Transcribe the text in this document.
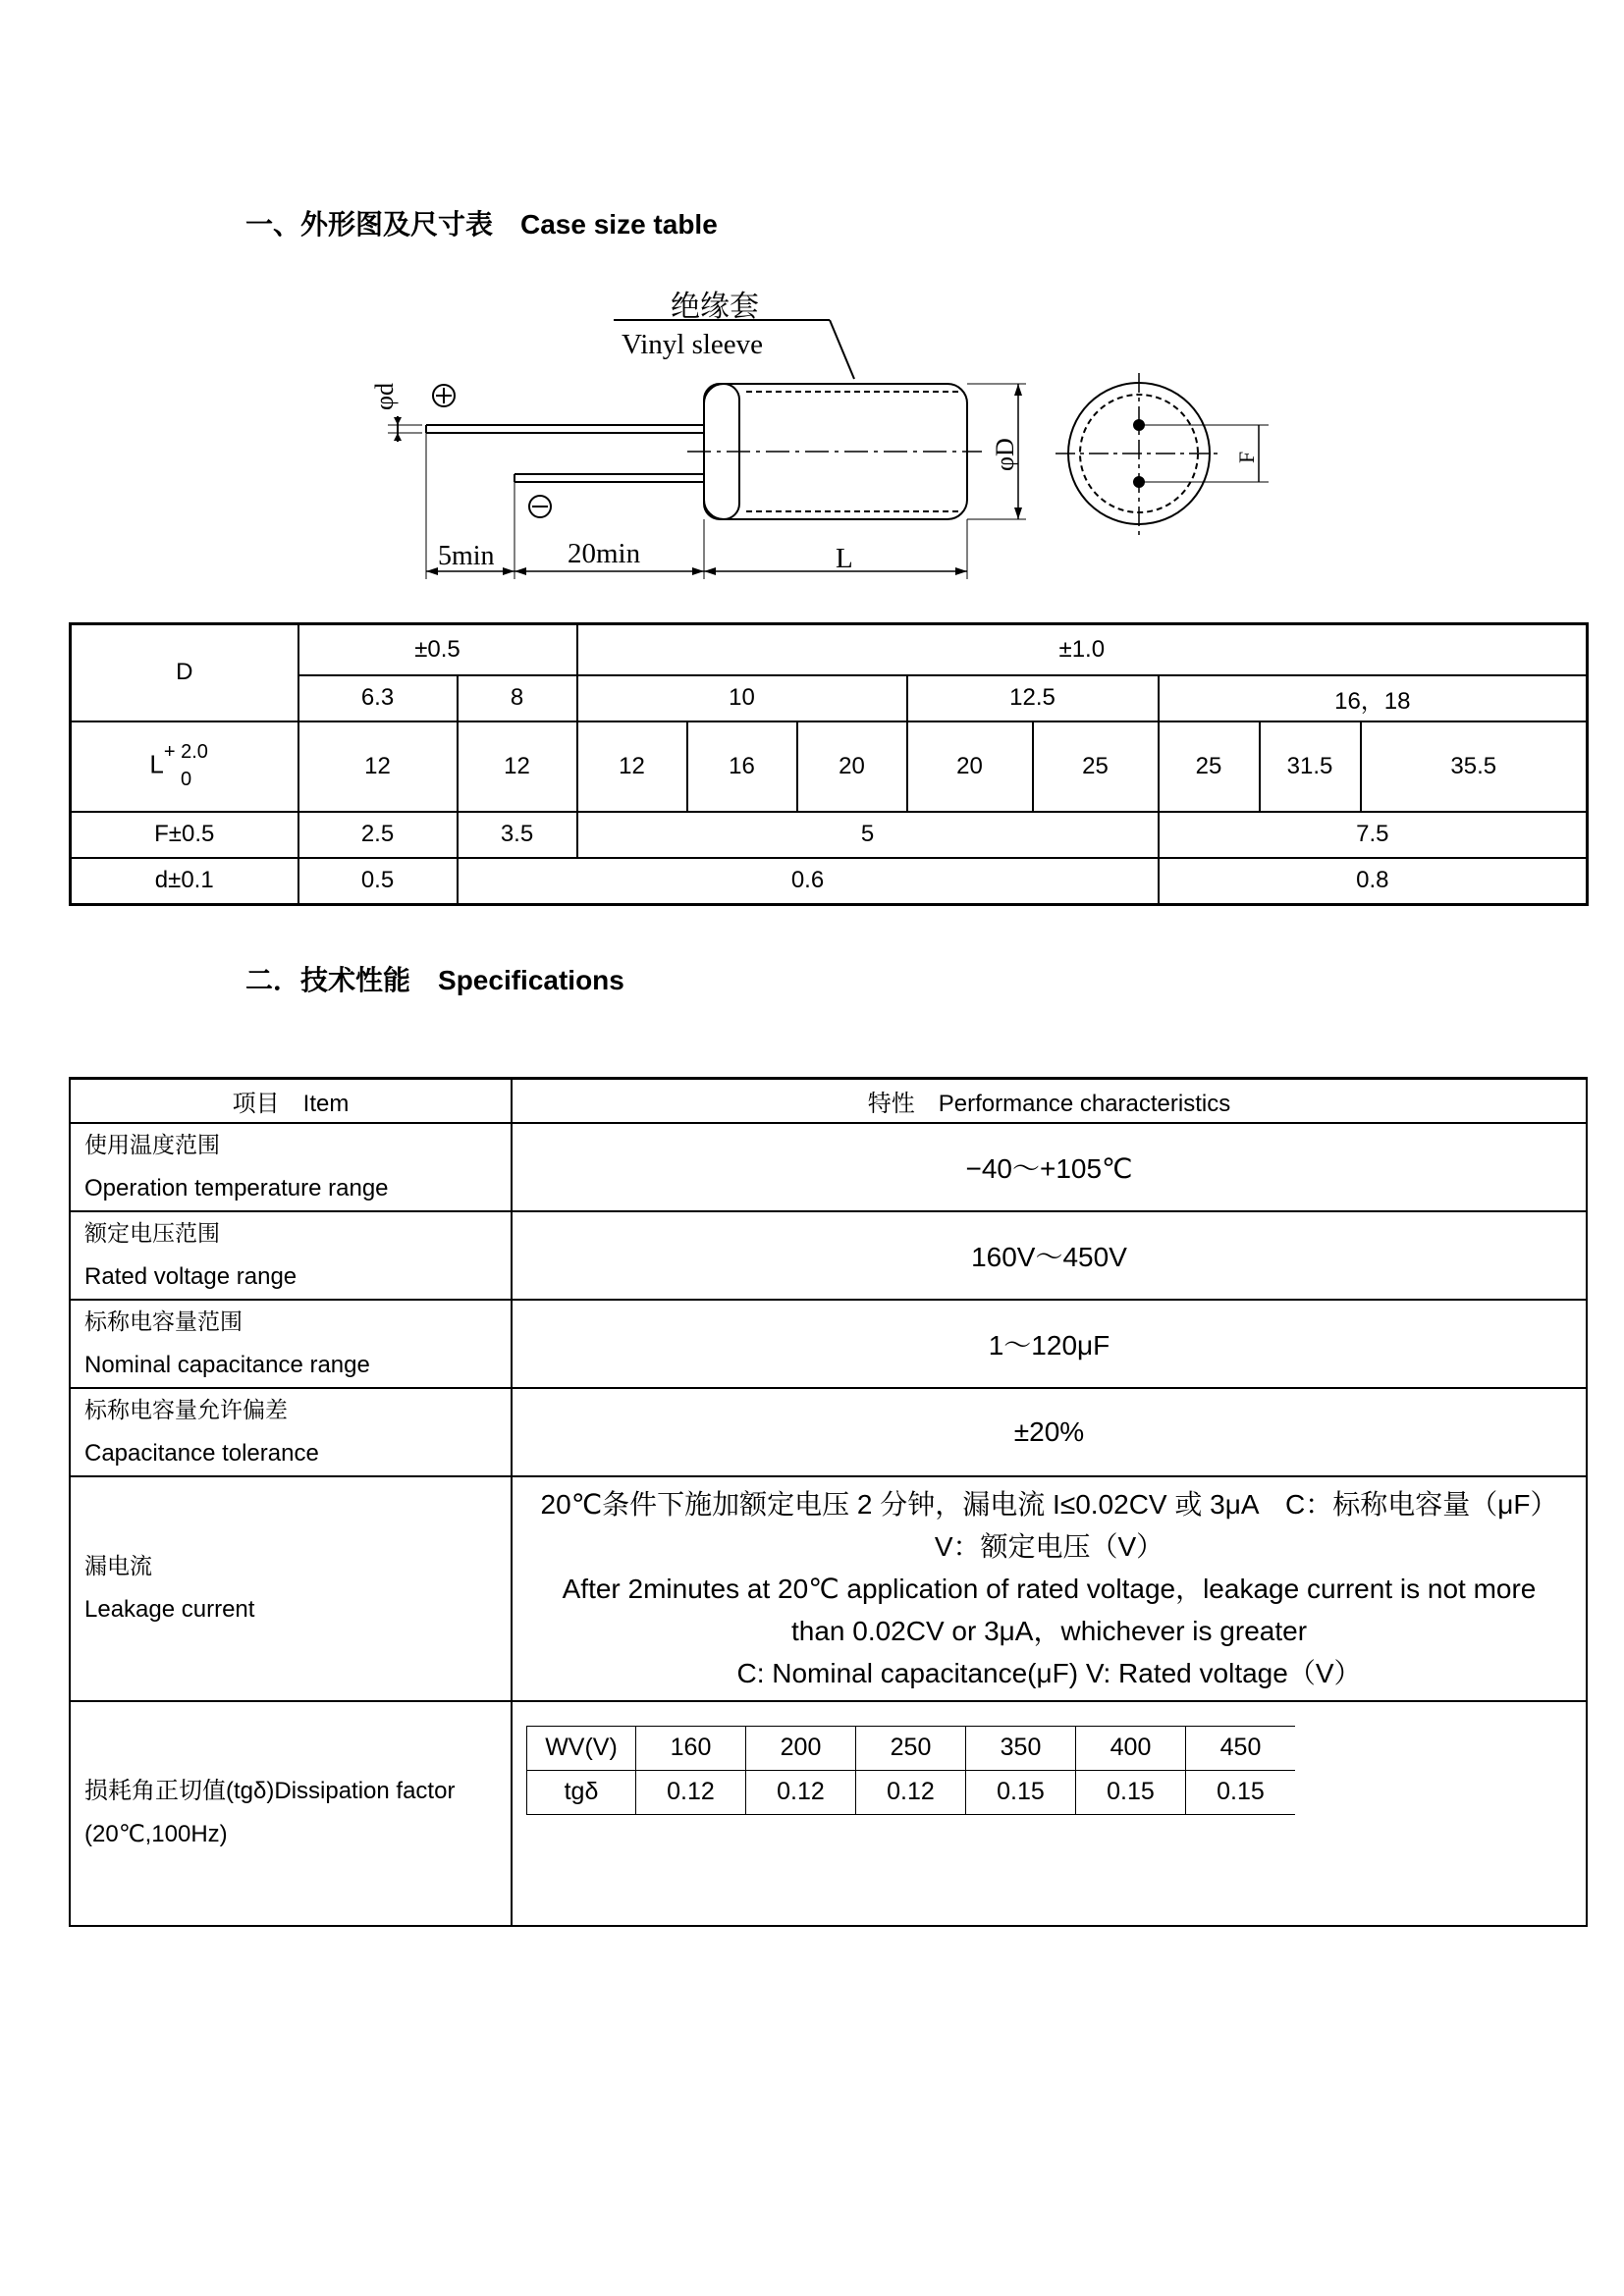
一、外形图及尺寸表 Case size table
绝缘套
Vinyl sleeve
φd
φD
5min	20min	L
F
D	±0.5		±1.0							
	6.3	8	10			12.5		16，18		
$L^{+ 2.0}_0$	12	12	12	16	20	20	25	25	31.5	35.5
F±0.5	2.5	3.5	5					7.5		
d±0.1	0.5	0.6						0.8		
二．技术性能 Specifications
项目 Item	特性 Performance characteristics
使用温度范围
Operation temperature range	−40～+105℃
额定电压范围
Rated voltage range	160V～450V
标称电容量范围
Nominal capacitance range	1～120μF
标称电容量允许偏差
Capacitance tolerance	±20%
漏电流
Leakage current	
20℃条件下施加额定电压 2 分钟，漏电流 I≤0.02CV 或 3μA　C：标称电容量（μF）
V：额定电压（V）
After 2minutes at 20℃ application of rated voltage，leakage current is not more
than 0.02CV or 3μA，whichever is greater
C: Nominal capacitance(μF) V: Rated voltage（V）

损耗角正切值(tgδ)Dissipation factor
(20℃,100Hz)	
WV(V)	160	200	250	350	400	450
tgδ	0.12	0.12	0.12	0.15	0.15	0.15
